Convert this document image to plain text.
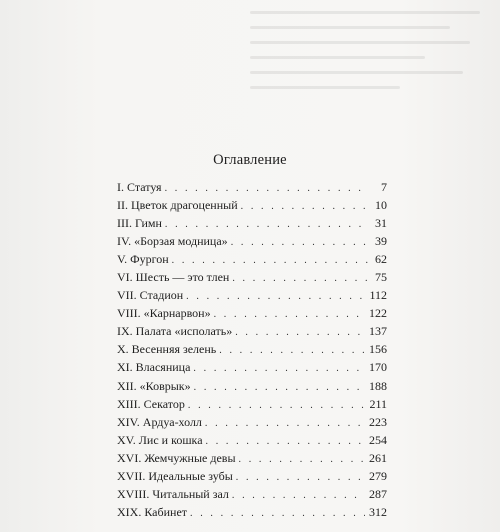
Оглавление
I. Статуя . . .	7
II. Цветок драгоценный . . .	10
III. Гимн . . .	31
IV. «Борзая модница» . . .	39
V. Фургон . . .	62
VI. Шесть — это тлен . . .	75
VII. Стадион . . .	112
VIII. «Карнарвон» . . .	122
IX. Палата «исполать» . . .	137
X. Весенняя зелень . . .	156
XI. Власяница . . .	170
XII. «Коврык» . . .	188
XIII. Секатор . . .	211
XIV. Ардуа-холл . . .	223
XV. Лис и кошка . . .	254
XVI. Жемчужные девы . . .	261
XVII. Идеальные зубы . . .	279
XVIII. Читальный зал . . .	287
XIX. Кабинет . . .	312
